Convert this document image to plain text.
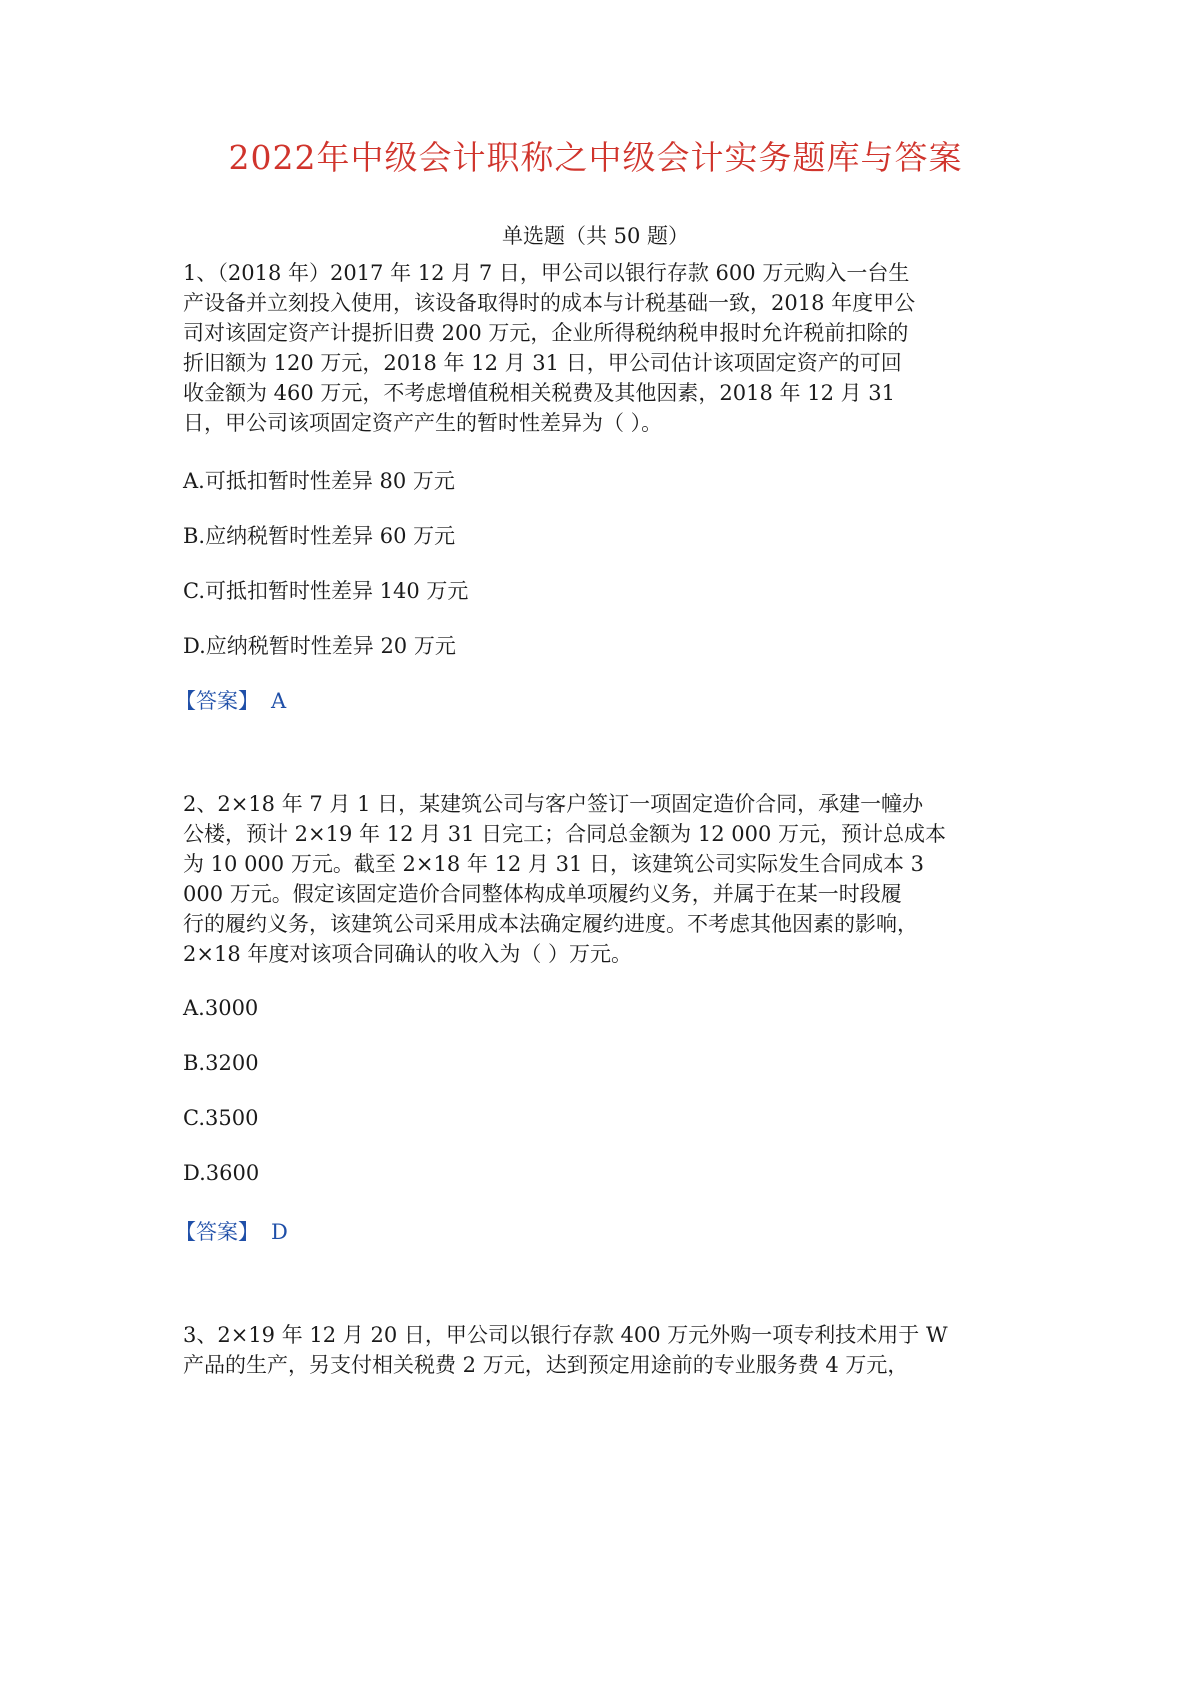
2022年中级会计职称之中级会计实务题库与答案
单选题（共 50 题）
1、（2018 年）2017 年 12 月 7 日，甲公司以银行存款 600 万元购入一台生
产设备并立刻投入使用，该设备取得时的成本与计税基础一致，2018 年度甲公
司对该固定资产计提折旧费 200 万元，企业所得税纳税申报时允许税前扣除的
折旧额为 120 万元，2018 年 12 月 31 日，甲公司估计该项固定资产的可回
收金额为 460 万元，不考虑增值税相关税费及其他因素，2018 年 12 月 31
日，甲公司该项固定资产产生的暂时性差异为（ ）。
A.可抵扣暂时性差异 80 万元
B.应纳税暂时性差异 60 万元
C.可抵扣暂时性差异 140 万元
D.应纳税暂时性差异 20 万元
【答案】 A
2、2×18 年 7 月 1 日，某建筑公司与客户签订一项固定造价合同，承建一幢办
公楼，预计 2×19 年 12 月 31 日完工；合同总金额为 12 000 万元，预计总成本
为 10 000 万元。截至 2×18 年 12 月 31 日，该建筑公司实际发生合同成本 3
000 万元。假定该固定造价合同整体构成单项履约义务，并属于在某一时段履
行的履约义务，该建筑公司采用成本法确定履约进度。不考虑其他因素的影响，
2×18 年度对该项合同确认的收入为（ ）万元。
A.3000
B.3200
C.3500
D.3600
【答案】 D
3、2×19 年 12 月 20 日，甲公司以银行存款 400 万元外购一项专利技术用于 W
产品的生产，另支付相关税费 2 万元，达到预定用途前的专业服务费 4 万元，
